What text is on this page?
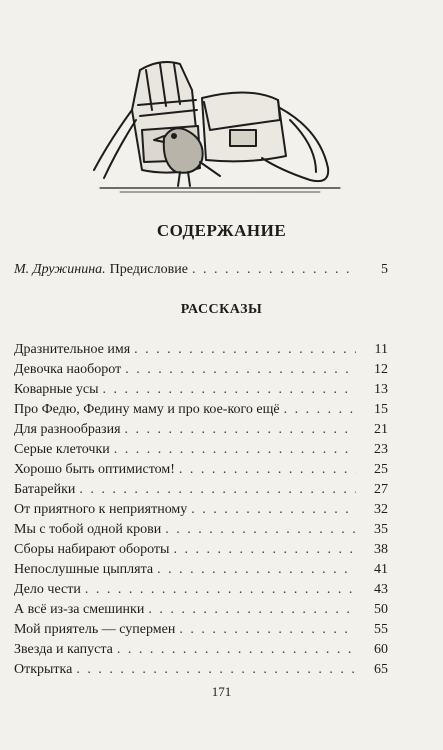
СОДЕРЖАНИЕ
М. Дружинина. Предисловие . . .	5
РАССКАЗЫ
Дразнительное имя . . .	11
Девочка наоборот . . .	12
Коварные усы . . .	13
Про Федю, Федину маму и про кое-кого ещё . . .	15
Для разнообразия . . .	21
Серые клеточки . . .	23
Хорошо быть оптимистом! . . .	25
Батарейки . . .	27
От приятного к неприятному . . .	32
Мы с тобой одной крови . . .	35
Сборы набирают обороты . . .	38
Непослушные цыплята . . .	41
Дело чести . . .	43
А всё из-за смешинки . . .	50
Мой приятель — супермен . . .	55
Звезда и капуста . . .	60
Открытка . . .	65
171
